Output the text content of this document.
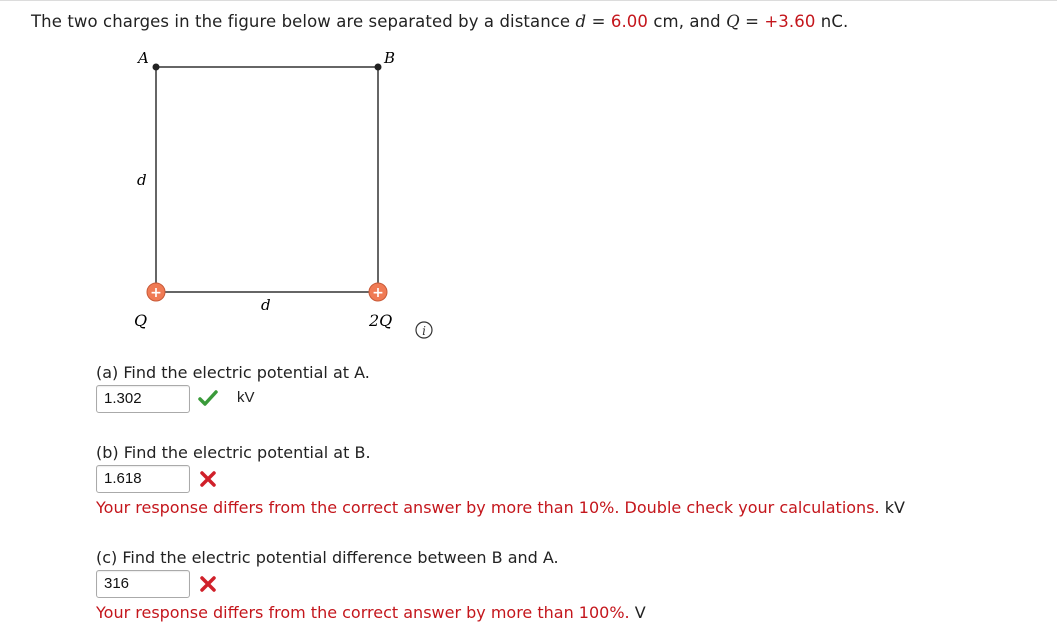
The two charges in the figure below are separated by a distance d = 6.00 cm, and Q = +3.60 nC.
A	B
d
d
Q	2Q
+	+
i
(a) Find the electric potential at A.
1.302	kV
(b) Find the electric potential at B.
1.618
Your response differs from the correct answer by more than 10%. Double check your calculations. kV
(c) Find the electric potential difference between B and A.
316
Your response differs from the correct answer by more than 100%. V
